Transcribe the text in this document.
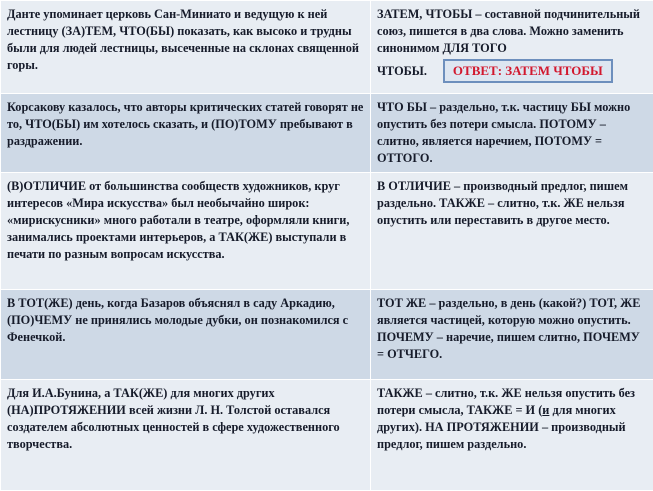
Данте упоминает церковь Сан-Миниато и ведущую к ней лестницу (ЗА)ТЕМ, ЧТО(БЫ) показать, как высоко и трудны были для людей лестницы, высеченные на склонах священной горы.	ЗАТЕМ, ЧТОБЫ – составной подчинительный союз, пишется в два слова. Можно заменить синонимом ДЛЯ ТОГО
ЧТОБЫ. ОТВЕТ: ЗАТЕМ ЧТОБЫ

Корсакову казалось, что авторы критических статей говорят не то, ЧТО(БЫ) им хотелось сказать, и (ПО)ТОМУ пребывают в раздражении.	ЧТО БЫ – раздельно, т.к. частицу БЫ можно опустить без потери смысла. ПОТОМУ – слитно, является наречием, ПОТОМУ = ОТТОГО.
(В)ОТЛИЧИЕ от большинства сообществ художников, круг интересов «Мира искусства» был необычайно широк: «мирискусники» много работали в театре, оформляли книги, занимались проектами интерьеров, а ТАК(ЖЕ) выступали в печати по разным вопросам искусства.	В ОТЛИЧИЕ – производный предлог, пишем раздельно. ТАКЖЕ – слитно, т.к. ЖЕ нельзя опустить или переставить в другое место.
В ТОТ(ЖЕ) день, когда Базаров объяснял в саду Аркадию, (ПО)ЧЕМУ не принялись молодые дубки, он познакомился с Фенечкой.	ТОТ ЖЕ – раздельно, в день (какой?) ТОТ, ЖЕ является частицей, которую можно опустить. ПОЧЕМУ – наречие, пишем слитно, ПОЧЕМУ = ОТЧЕГО.
Для И.А.Бунина, а ТАК(ЖЕ) для многих других (НА)ПРОТЯЖЕНИИ всей жизни Л. Н. Толстой оставался создателем абсолютных ценностей в сфере художественного творчества.	ТАКЖЕ – слитно, т.к. ЖЕ нельзя опустить без потери смысла, ТАКЖЕ = И (и для многих других). НА ПРОТЯЖЕНИИ – производный предлог, пишем раздельно.
